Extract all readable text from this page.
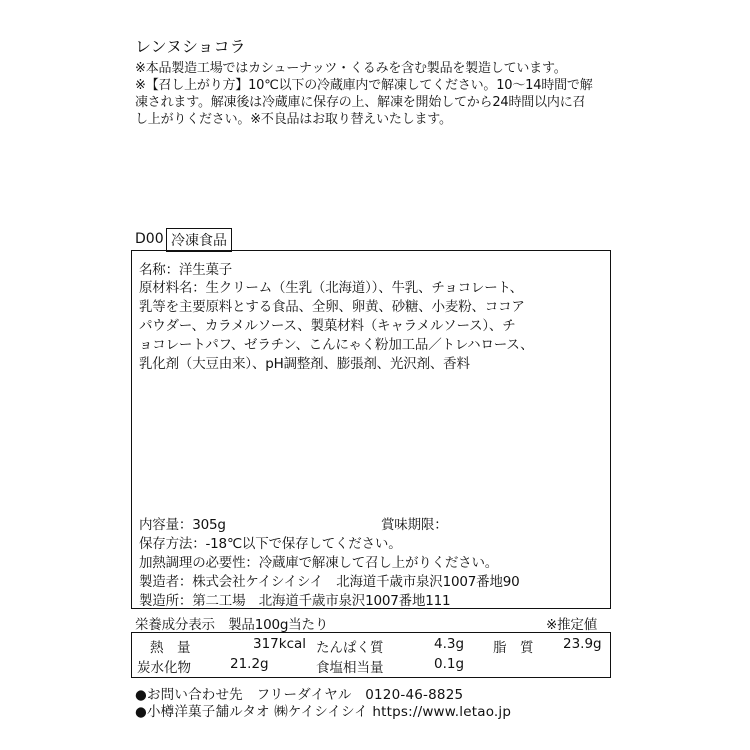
レンヌショコラ
※本品製造工場ではカシューナッツ・くるみを含む製品を製造しています。
※【召し上がり方】10℃以下の冷蔵庫内で解凍してください。10～14時間で解
凍されます。解凍後は冷蔵庫に保存の上、解凍を開始してから24時間以内に召
し上がりください。※不良品はお取り替えいたします。
D00 冷凍食品
名称：洋生菓子
原材料名：生クリーム（生乳（北海道））、牛乳、チョコレート、
乳等を主要原料とする食品、全卵、卵黄、砂糖、小麦粉、ココア
パウダー、カラメルソース、製菓材料（キャラメルソース）、チ
ョコレートパフ、ゼラチン、こんにゃく粉加工品／トレハロース、
乳化剤（大豆由来）、pH調整剤、膨張剤、光沢剤、香料
内容量：305g	賞味期限：
保存方法：-18℃以下で保存してください。
加熱調理の必要性：冷蔵庫で解凍して召し上がりください。
製造者：株式会社ケイシイシイ　北海道千歳市泉沢1007番地90
製造所：第二工場　北海道千歳市泉沢1007番地111
栄養成分表示　製品100g当たり	※推定値
熱　量	317kcal たんぱく質	4.3g 脂　質 23.9g
炭水化物	21.2g	食塩相当量	0.1g
●お問い合わせ先　フリーダイヤル　0120-46-8825
●小樽洋菓子舗ルタオ ㈱ケイシイシイ https://www.letao.jp
